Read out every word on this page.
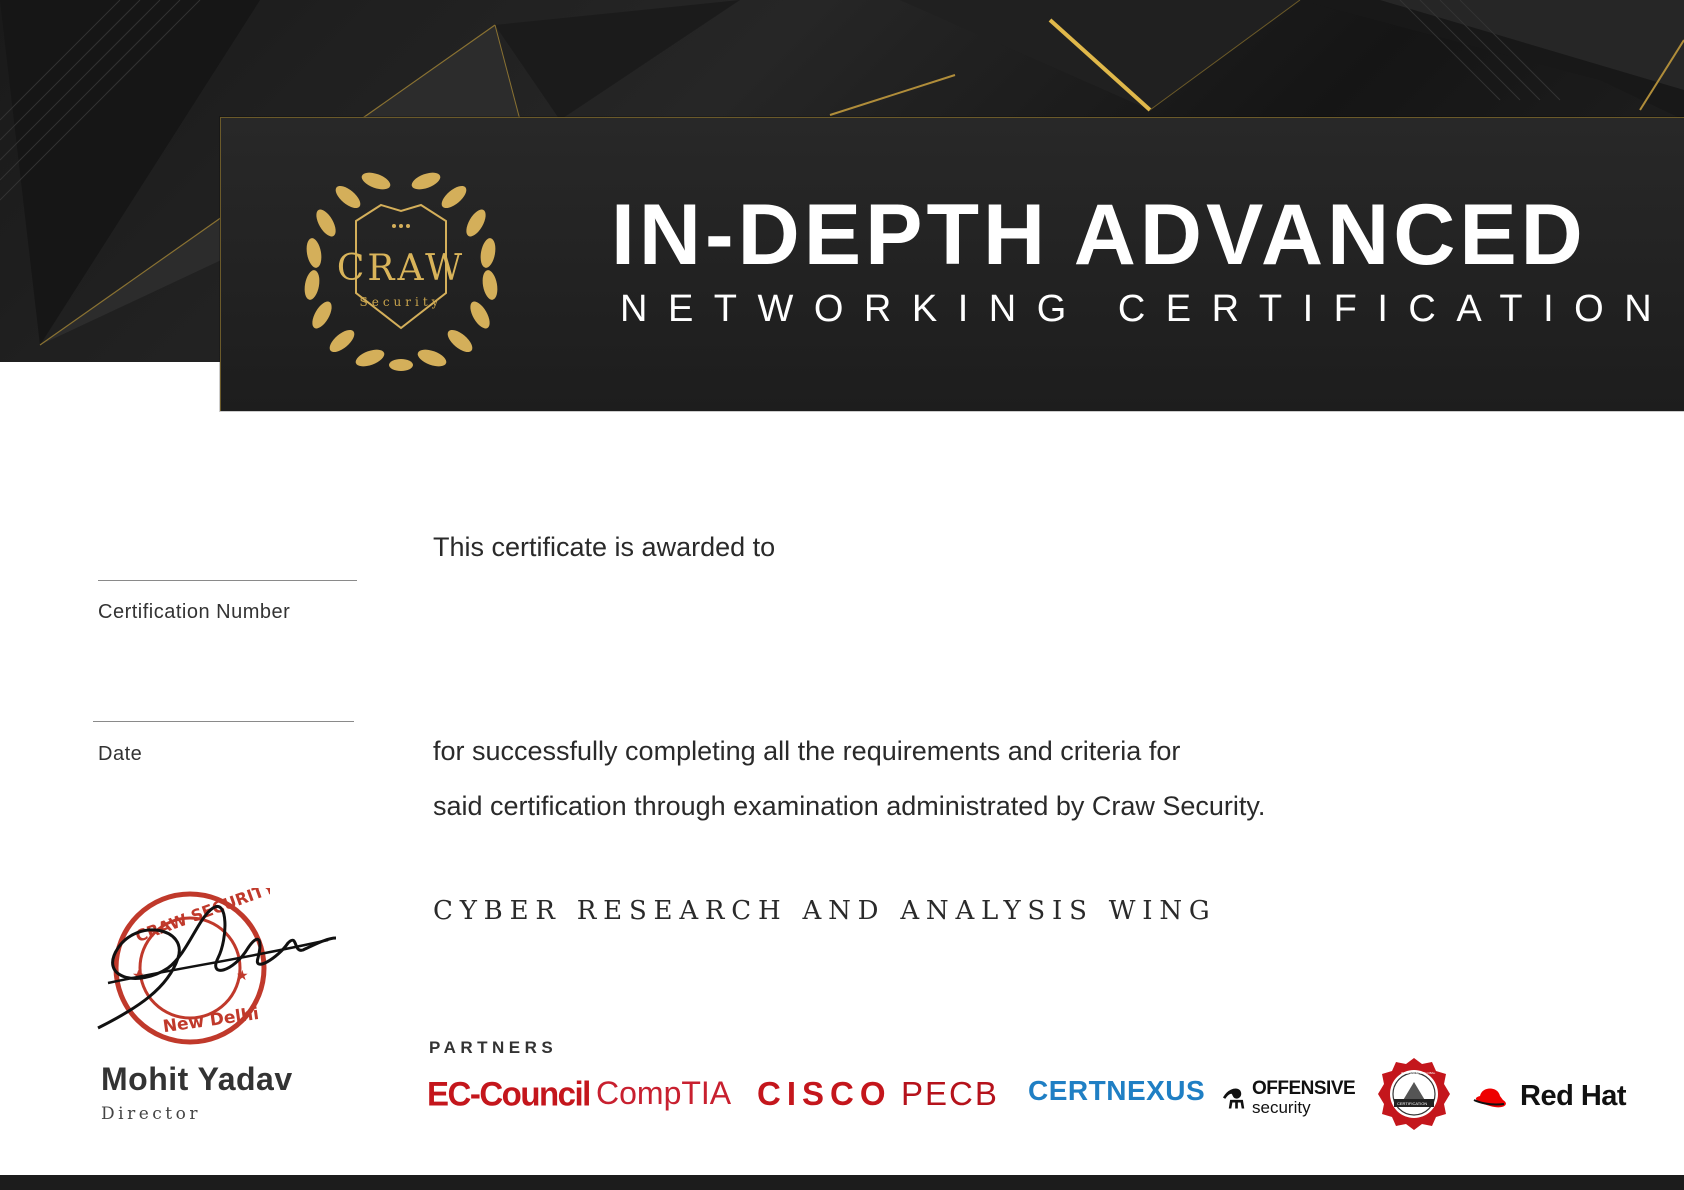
CRAW
Security
IN-DEPTH ADVANCED
NETWORKING CERTIFICATION
Certification Number
Date
This certificate is awarded to
for successfully completing all the requirements and criteria for
said certification through examination administrated by Craw Security.
CYBER RESEARCH AND ANALYSIS WING
CRAW SECURITY
New Delhi
★	★
Mohit Yadav
Director
PARTNERS
EC-Council CompTIA CISCO PECB CERTNEXUS ⚗ OFFENSIVE
security
INDEPENDENT GLOBAL
CERTIFICATION	Red Hat
